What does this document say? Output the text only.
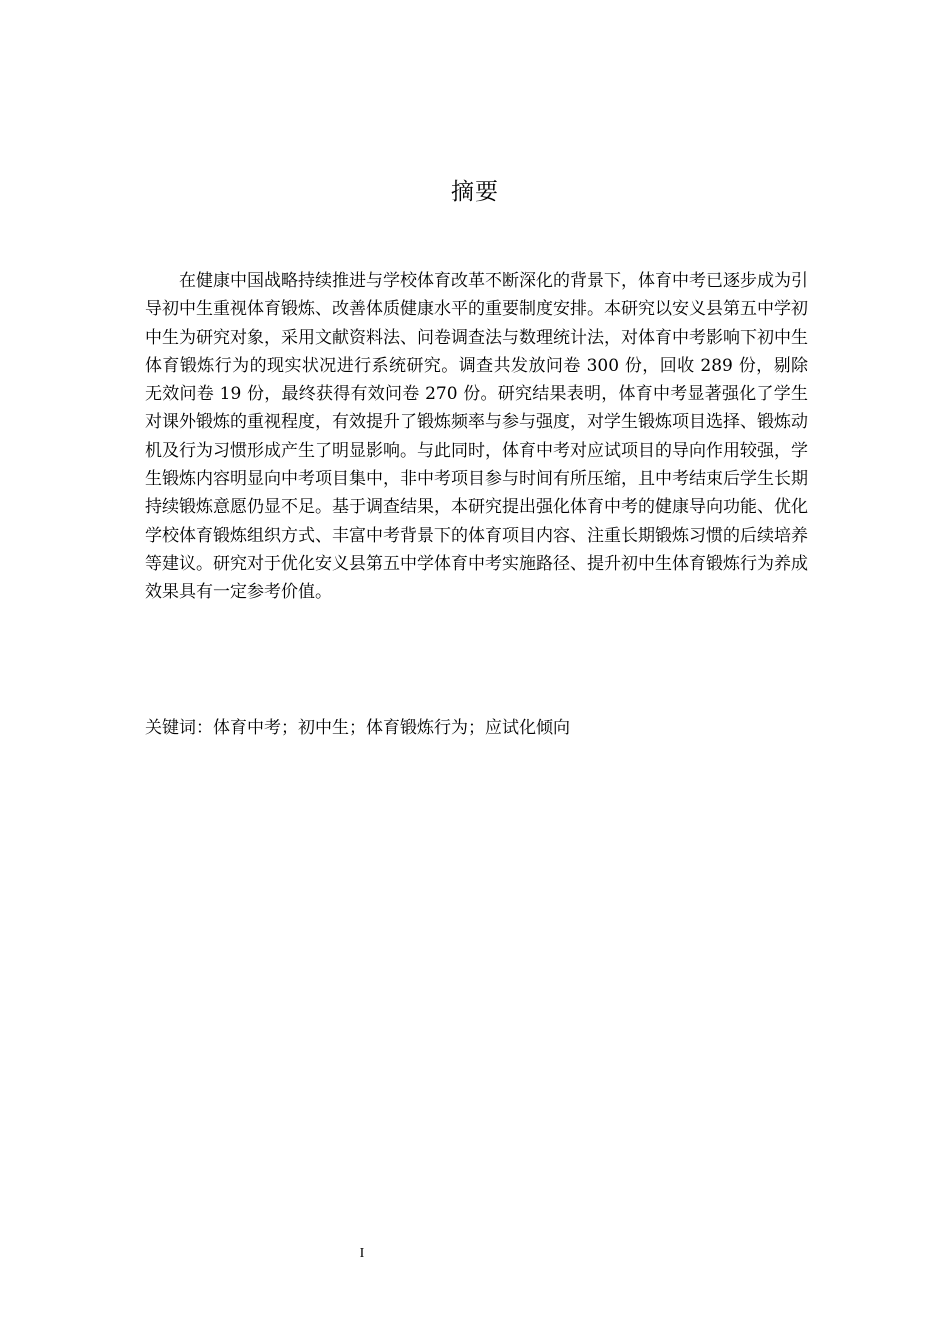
摘要

在健康中国战略持续推进与学校体育改革不断深化的背景下，体育中考已逐步成为引导初中生重视体育锻炼、改善体质健康水平的重要制度安排。本研究以安义县第五中学初中生为研究对象，采用文献资料法、问卷调查法与数理统计法，对体育中考影响下初中生体育锻炼行为的现实状况进行系统研究。调查共发放问卷 300 份，回收 289 份，剔除无效问卷 19 份，最终获得有效问卷 270 份。研究结果表明，体育中考显著强化了学生对课外锻炼的重视程度，有效提升了锻炼频率与参与强度，对学生锻炼项目选择、锻炼动机及行为习惯形成产生了明显影响。与此同时，体育中考对应试项目的导向作用较强，学生锻炼内容明显向中考项目集中，非中考项目参与时间有所压缩，且中考结束后学生长期持续锻炼意愿仍显不足。基于调查结果，本研究提出强化体育中考的健康导向功能、优化学校体育锻炼组织方式、丰富中考背景下的体育项目内容、注重长期锻炼习惯的后续培养等建议。研究对于优化安义县第五中学体育中考实施路径、提升初中生体育锻炼行为养成效果具有一定参考价值。

关键词：体育中考；初中生；体育锻炼行为；应试化倾向
I
